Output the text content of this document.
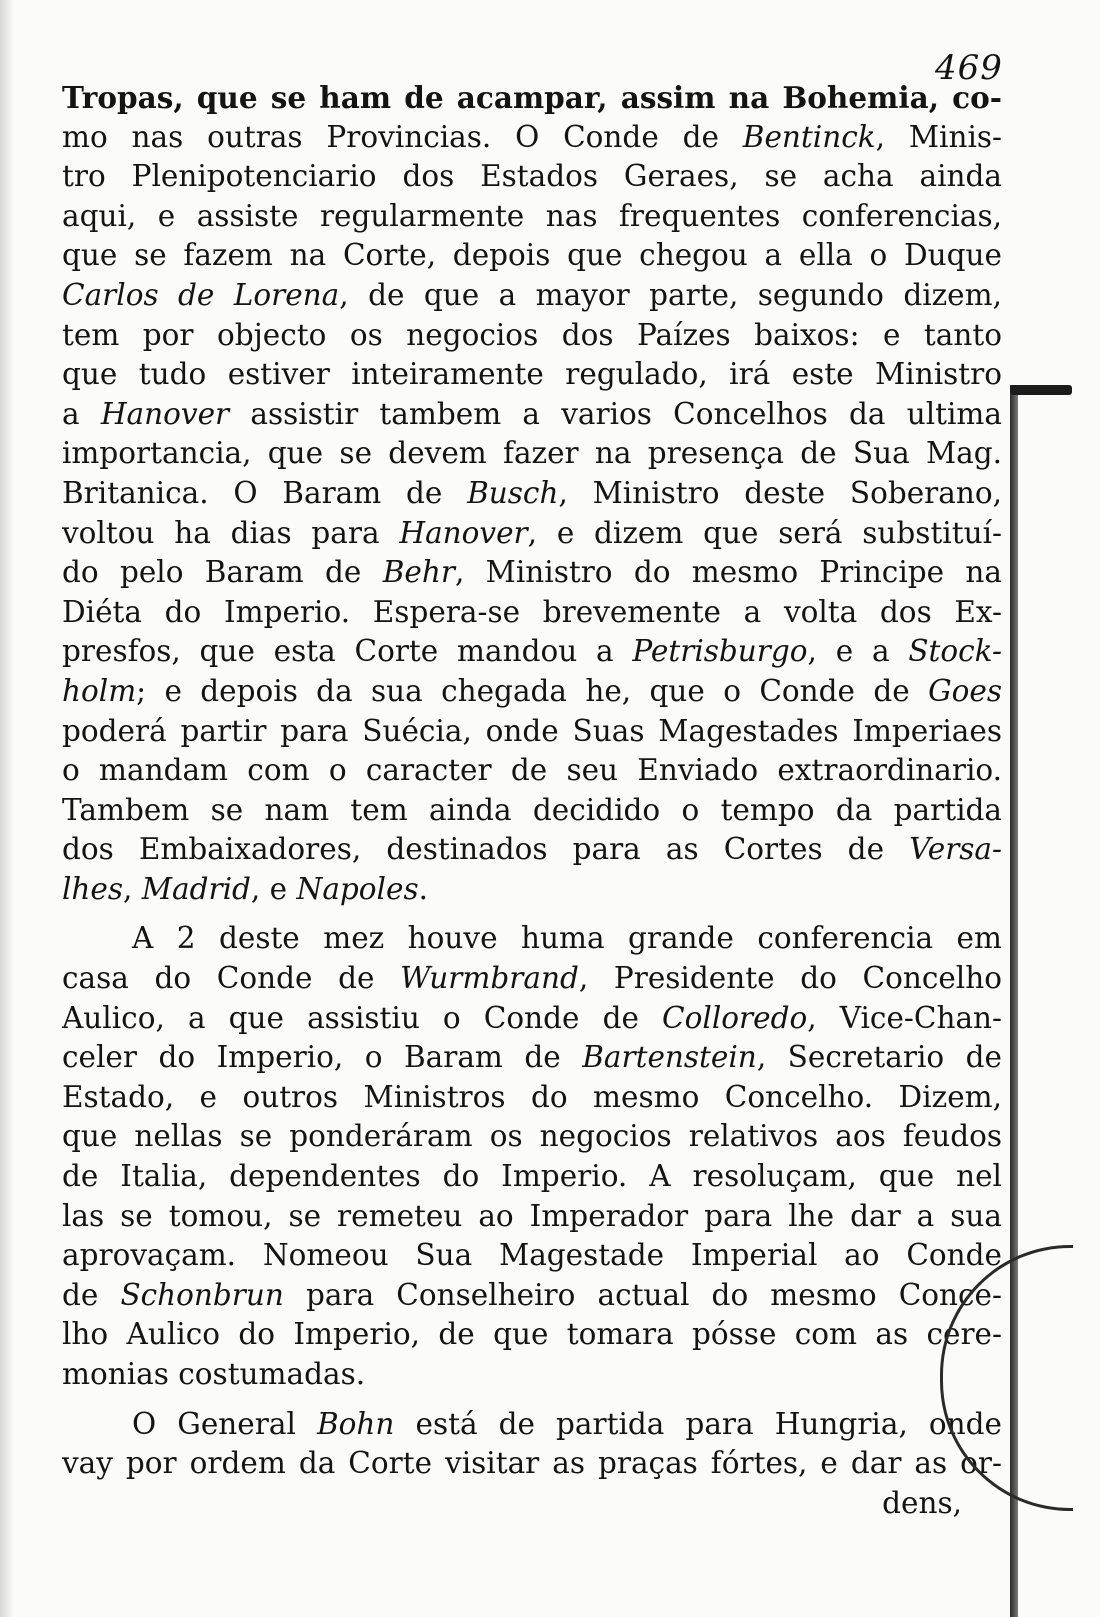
469
Tropas, que se ham de acampar, assim na Bohemia, co-
mo nas outras Provincias. O Conde de Bentinck, Minis-
tro Plenipotenciario dos Estados Geraes, se acha ainda
aqui, e assiste regularmente nas frequentes conferencias,
que se fazem na Corte, depois que chegou a ella o Duque
Carlos de Lorena, de que a mayor parte, segundo dizem,
tem por objecto os negocios dos Paízes baixos: e tanto
que tudo estiver inteiramente regulado, irá este Ministro
a Hanover assistir tambem a varios Concelhos da ultima
importancia, que se devem fazer na presença de Sua Mag.
Britanica. O Baram de Busch, Ministro deste Soberano,
voltou ha dias para Hanover, e dizem que será substituí-
do pelo Baram de Behr, Ministro do mesmo Principe na
Diéta do Imperio. Espera-se brevemente a volta dos Ex-
presfos, que esta Corte mandou a Petrisburgo, e a Stock-
holm; e depois da sua chegada he, que o Conde de Goes
poderá partir para Suécia, onde Suas Magestades Imperiaes
o mandam com o caracter de seu Enviado extraordinario.
Tambem se nam tem ainda decidido o tempo da partida
dos Embaixadores, destinados para as Cortes de Versa-
lhes, Madrid, e Napoles.
A 2 deste mez houve huma grande conferencia em
casa do Conde de Wurmbrand, Presidente do Concelho
Aulico, a que assistiu o Conde de Colloredo, Vice-Chan-
celer do Imperio, o Baram de Bartenstein, Secretario de
Estado, e outros Ministros do mesmo Concelho. Dizem,
que nellas se ponderáram os negocios relativos aos feudos
de Italia, dependentes do Imperio. A resoluçam, que nel
las se tomou, se remeteu ao Imperador para lhe dar a sua
aprovaçam. Nomeou Sua Magestade Imperial ao Conde
de Schonbrun para Conselheiro actual do mesmo Conce-
lho Aulico do Imperio, de que tomara pósse com as cere-
monias costumadas.
O General Bohn está de partida para Hungria, onde
vay por ordem da Corte visitar as praças fórtes, e dar as or-
dens,
